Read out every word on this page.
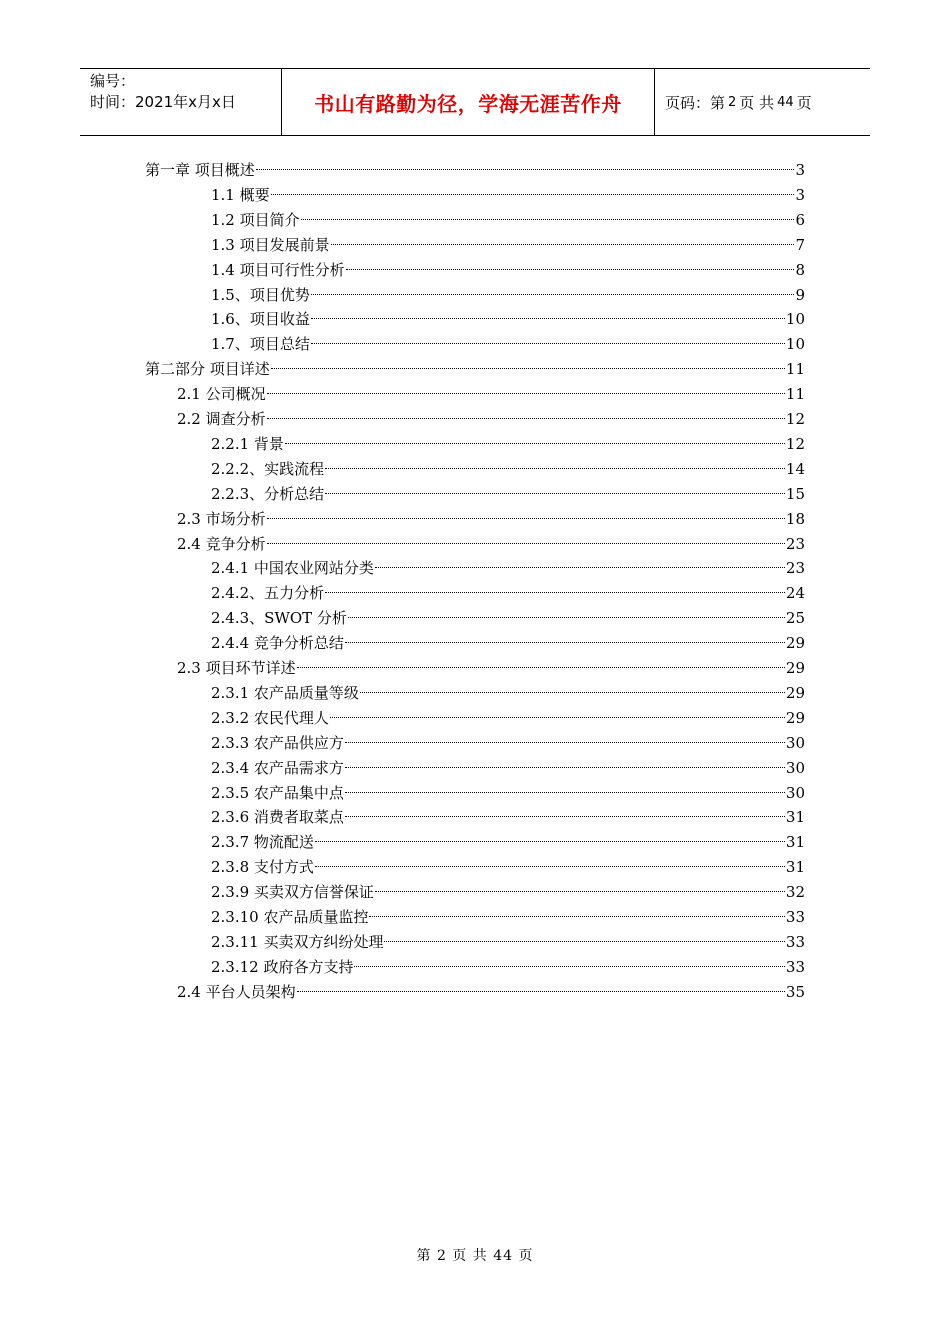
编号：
时间：2021年x月x日	书山有路勤为径，学海无涯苦作舟	页码：第 2 页 共 44 页
第一章 项目概述	3
1.1 概要	3
1.2 项目简介	6
1.3 项目发展前景	7
1.4 项目可行性分析	8
1.5、项目优势	9
1.6、项目收益	10
1.7、项目总结	10
第二部分 项目详述	11
2.1 公司概况	11
2.2 调查分析	12
2.2.1 背景	12
2.2.2、实践流程	14
2.2.3、分析总结	15
2.3 市场分析	18
2.4 竞争分析	23
2.4.1 中国农业网站分类	23
2.4.2、五力分析	24
2.4.3、SWOT 分析	25
2.4.4 竞争分析总结	29
2.3 项目环节详述	29
2.3.1 农产品质量等级	29
2.3.2 农民代理人	29
2.3.3 农产品供应方	30
2.3.4 农产品需求方	30
2.3.5 农产品集中点	30
2.3.6 消费者取菜点	31
2.3.7 物流配送	31
2.3.8 支付方式	31
2.3.9 买卖双方信誉保证	32
2.3.10 农产品质量监控	33
2.3.11 买卖双方纠纷处理	33
2.3.12 政府各方支持	33
2.4 平台人员架构	35
第 2 页 共 44 页
